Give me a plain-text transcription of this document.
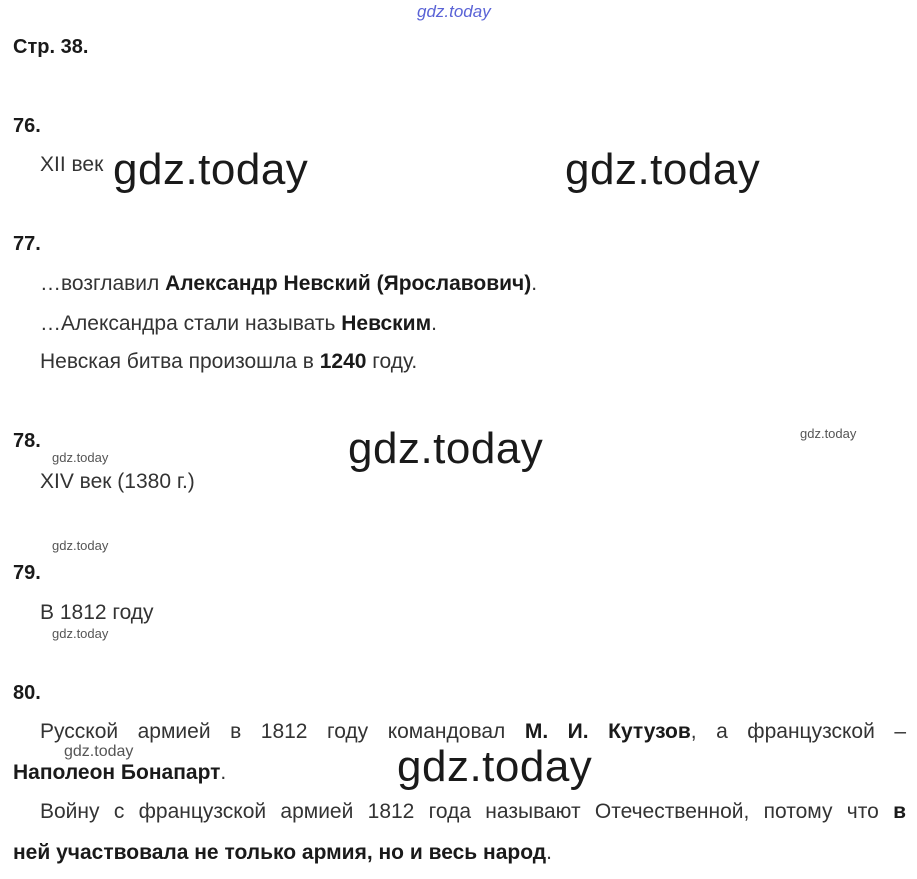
gdz.today
Стр. 38.
76.
XII век gdz.today	gdz.today
77.
…возглавил Александр Невский (Ярославович).
…Александра стали называть Невским.
Невская битва произошла в 1240 году.
78.
gdz.today	gdz.today	gdz.today
XIV век (1380 г.)
gdz.today
79.
В 1812 году
gdz.today
80.
Русской армией в 1812 году командовал М. И. Кутузов, а французской –
gdz.today
Наполеон Бонапарт.	gdz.today
Войну с французской армией 1812 года называют Отечественной, потому что в
ней участвовала не только армия, но и весь народ.
